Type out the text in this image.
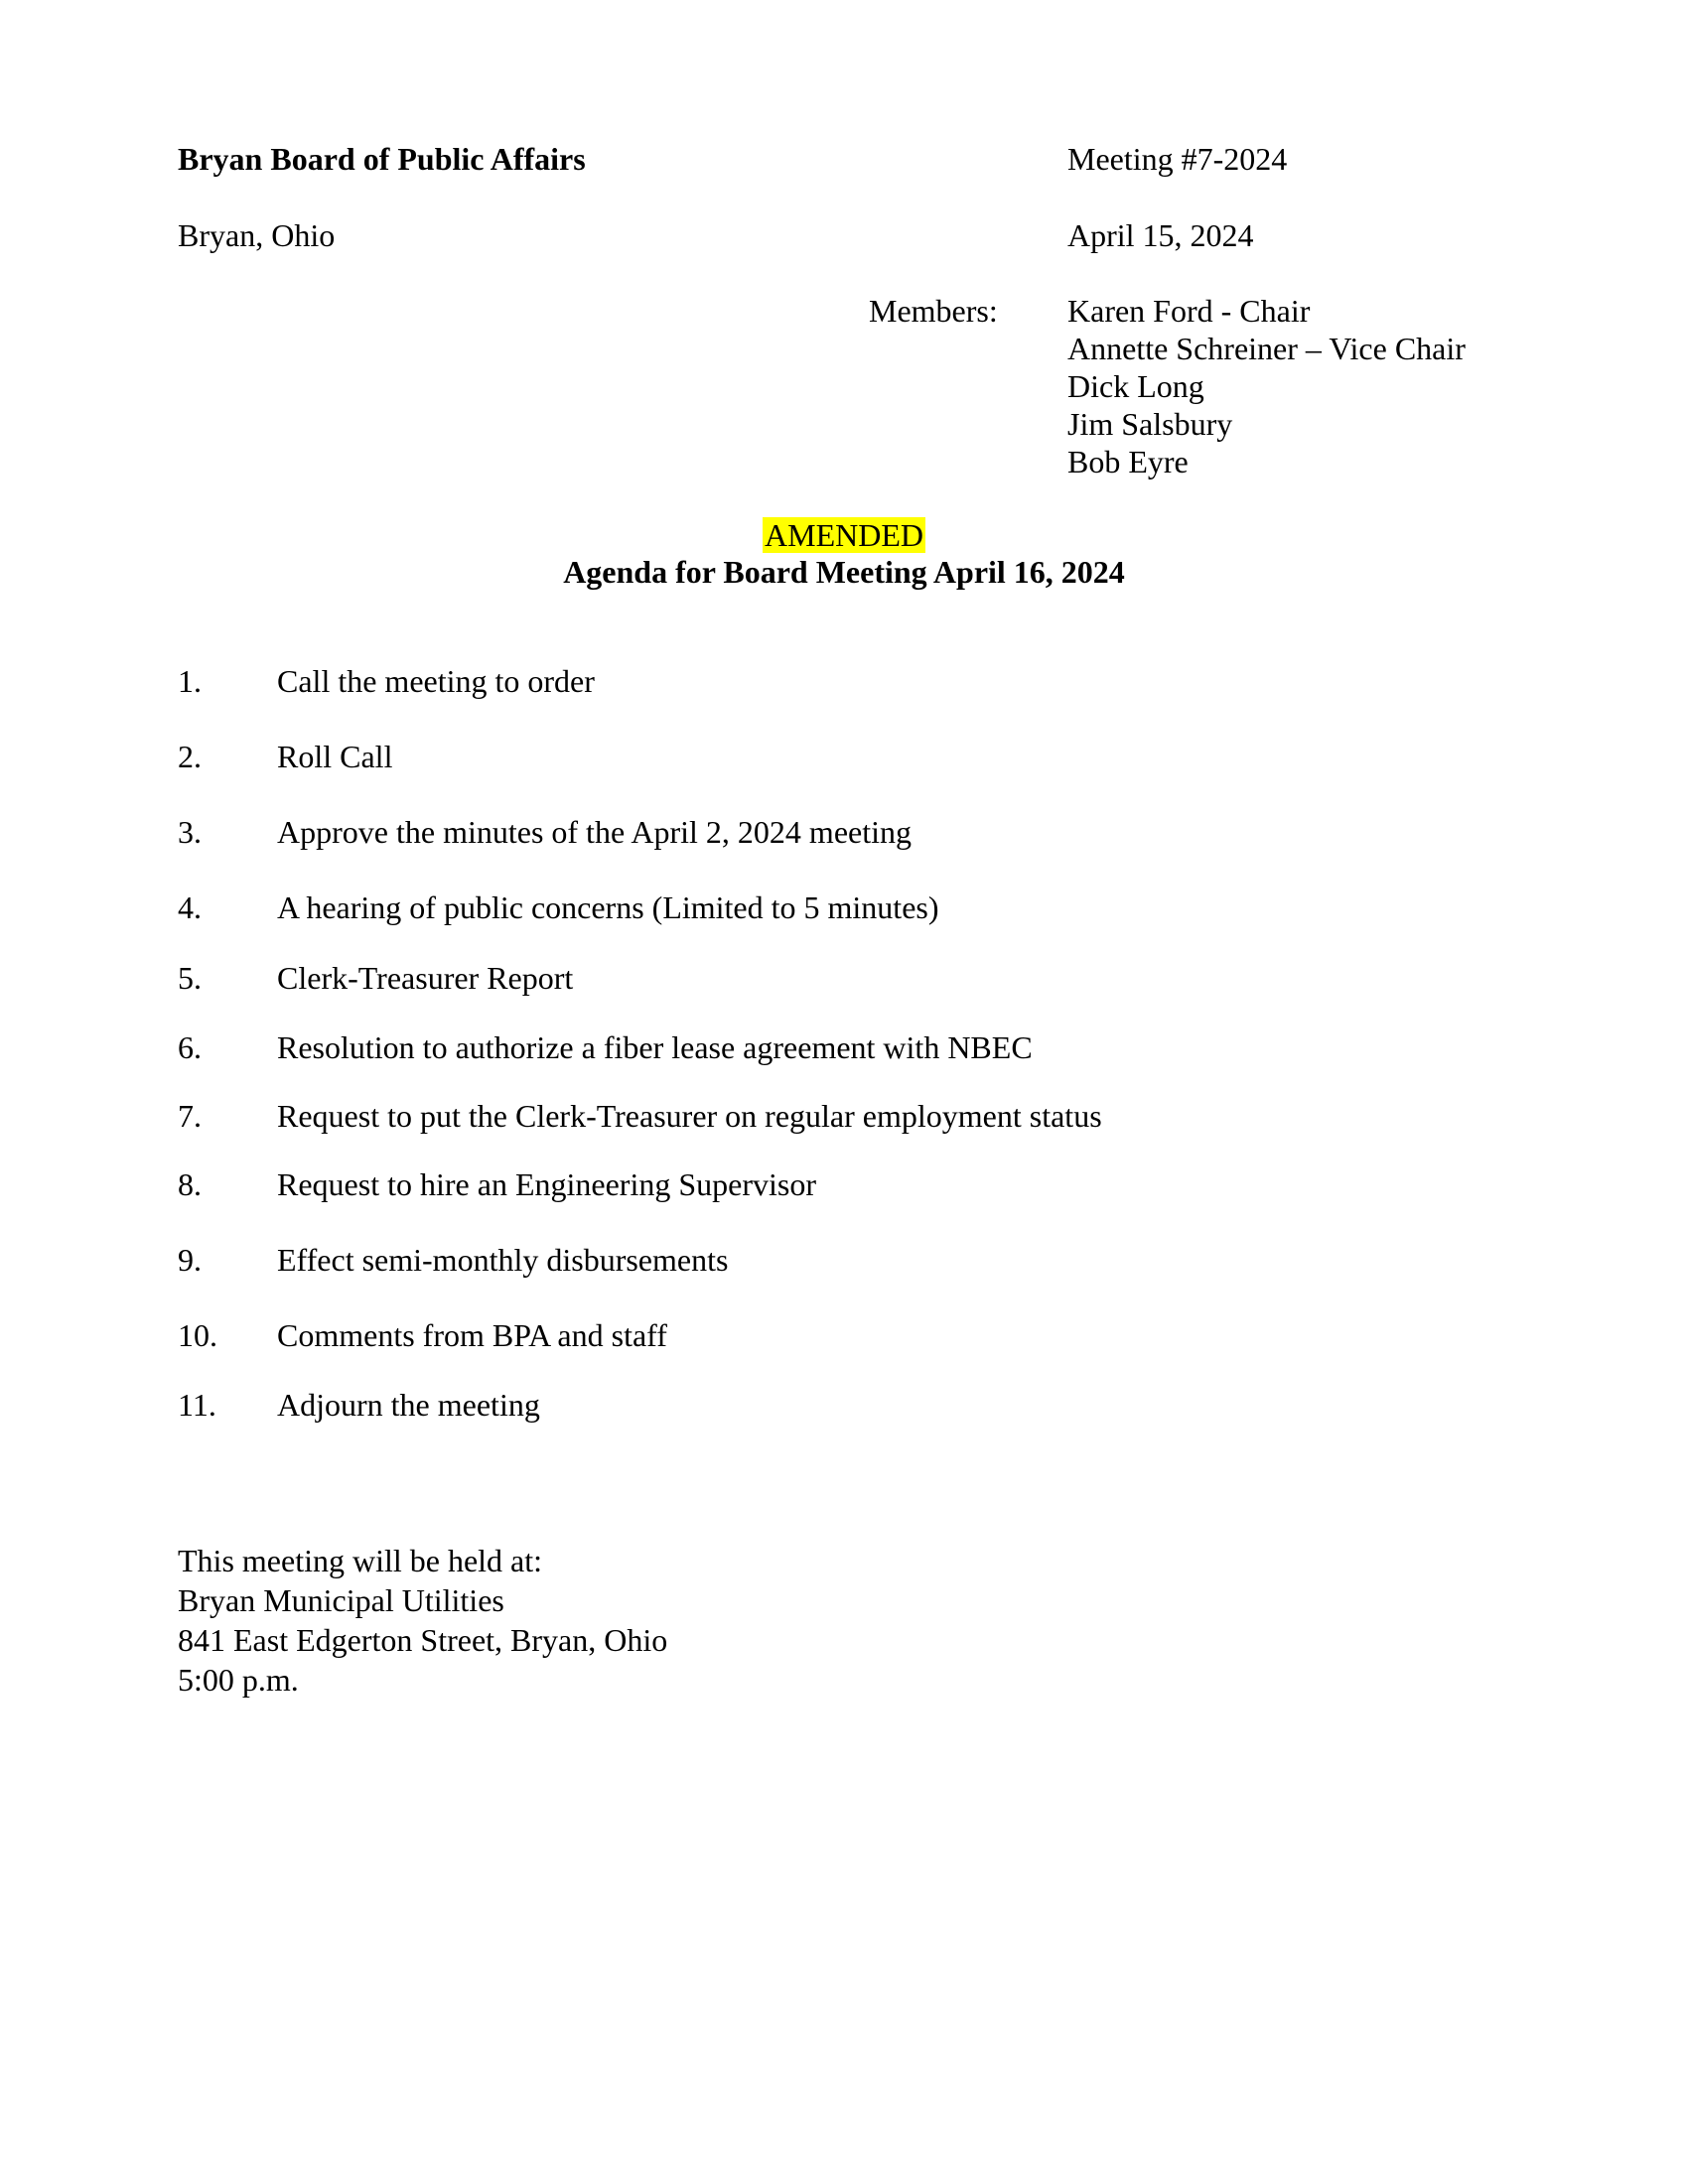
Bryan Board of Public Affairs	Meeting #7-2024
Bryan, Ohio	April 15, 2024
Members: Karen Ford - Chair
Annette Schreiner – Vice Chair
Dick Long
Jim Salsbury
Bob Eyre
AMENDED
Agenda for Board Meeting April 16, 2024
1. Call the meeting to order
2. Roll Call
3. Approve the minutes of the April 2, 2024 meeting
4. A hearing of public concerns (Limited to 5 minutes)
5. Clerk-Treasurer Report
6. Resolution to authorize a fiber lease agreement with NBEC
7. Request to put the Clerk-Treasurer on regular employment status
8. Request to hire an Engineering Supervisor
9. Effect semi-monthly disbursements
10. Comments from BPA and staff
11. Adjourn the meeting
This meeting will be held at:
Bryan Municipal Utilities
841 East Edgerton Street, Bryan, Ohio
5:00 p.m.
